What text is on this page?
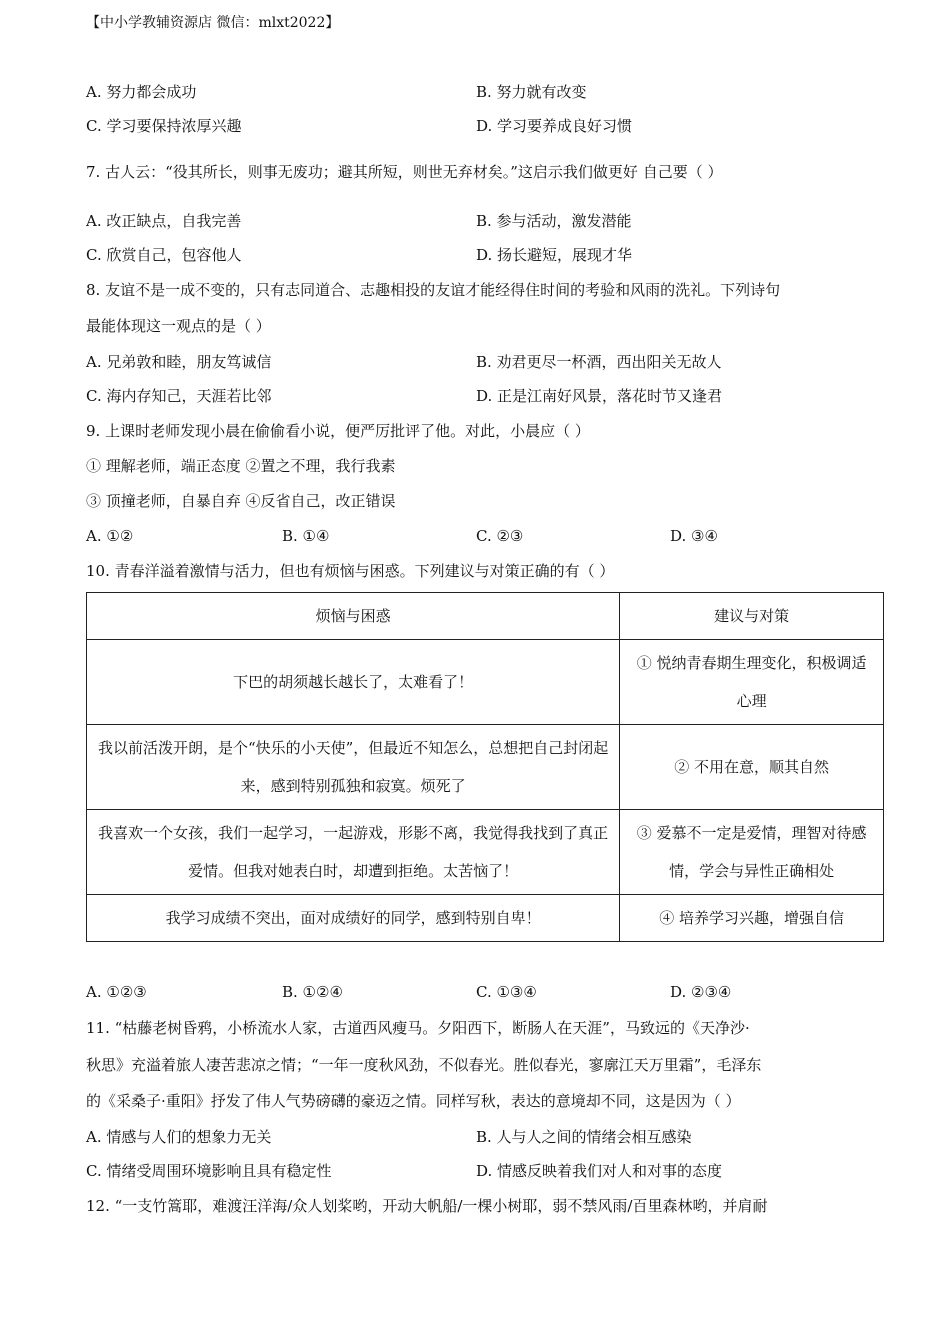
【中小学教辅资源店 微信：mlxt2022】
A. 努力都会成功	B. 努力就有改变
C. 学习要保持浓厚兴趣	D. 学习要养成良好习惯
7. 古人云：“役其所长，则事无废功；避其所短，则世无弃材矣。”这启示我们做更好 自己要（ ）
A. 改正缺点，自我完善	B. 参与活动，激发潜能
C. 欣赏自己，包容他人	D. 扬长避短，展现才华
8. 友谊不是一成不变的，只有志同道合、志趣相投的友谊才能经得住时间的考验和风雨的洗礼。下列诗句
最能体现这一观点的是（ ）
A. 兄弟敦和睦，朋友笃诚信	B. 劝君更尽一杯酒，西出阳关无故人
C. 海内存知己，天涯若比邻	D. 正是江南好风景，落花时节又逢君
9. 上课时老师发现小晨在偷偷看小说，便严厉批评了他。对此，小晨应（ ）
① 理解老师，端正态度 ②置之不理，我行我素
③ 顶撞老师，自暴自弃 ④反省自己，改正错误
A. ①②	B. ①④	C. ②③	D. ③④
10. 青春洋溢着激情与活力，但也有烦恼与困惑。下列建议与对策正确的有（ ）
烦恼与困惑	建议与对策
下巴的胡须越长越长了，太难看了！	① 悦纳青春期生理变化，积极调适心理
我以前活泼开朗，是个“快乐的小天使”，但最近不知怎么，总想把自己封闭起来，感到特别孤独和寂寞。烦死了	② 不用在意，顺其自然
我喜欢一个女孩，我们一起学习，一起游戏，形影不离，我觉得我找到了真正 爱情。但我对她表白时，却遭到拒绝。太苦恼了！	③ 爱慕不一定是爱情，理智对待感情，学会与异性正确相处
我学习成绩不突出，面对成绩好的同学，感到特别自卑！	④ 培养学习兴趣，增强自信
A. ①②③	B. ①②④	C. ①③④	D. ②③④
11. “枯藤老树昏鸦，小桥流水人家，古道西风瘦马。夕阳西下，断肠人在天涯”，马致远的《天净沙·
秋思》充溢着旅人凄苦悲凉之情；“一年一度秋风劲，不似春光。胜似春光，寥廓江天万里霜”，毛泽东
的《采桑子·重阳》抒发了伟人气势磅礴的豪迈之情。同样写秋，表达的意境却不同，这是因为（ ）
A. 情感与人们的想象力无关	B. 人与人之间的情绪会相互感染
C. 情绪受周围环境影响且具有稳定性	D. 情感反映着我们对人和对事的态度
12. “一支竹篙耶，难渡汪洋海/众人划桨哟，开动大帆船/一棵小树耶，弱不禁风雨/百里森林哟，并肩耐
